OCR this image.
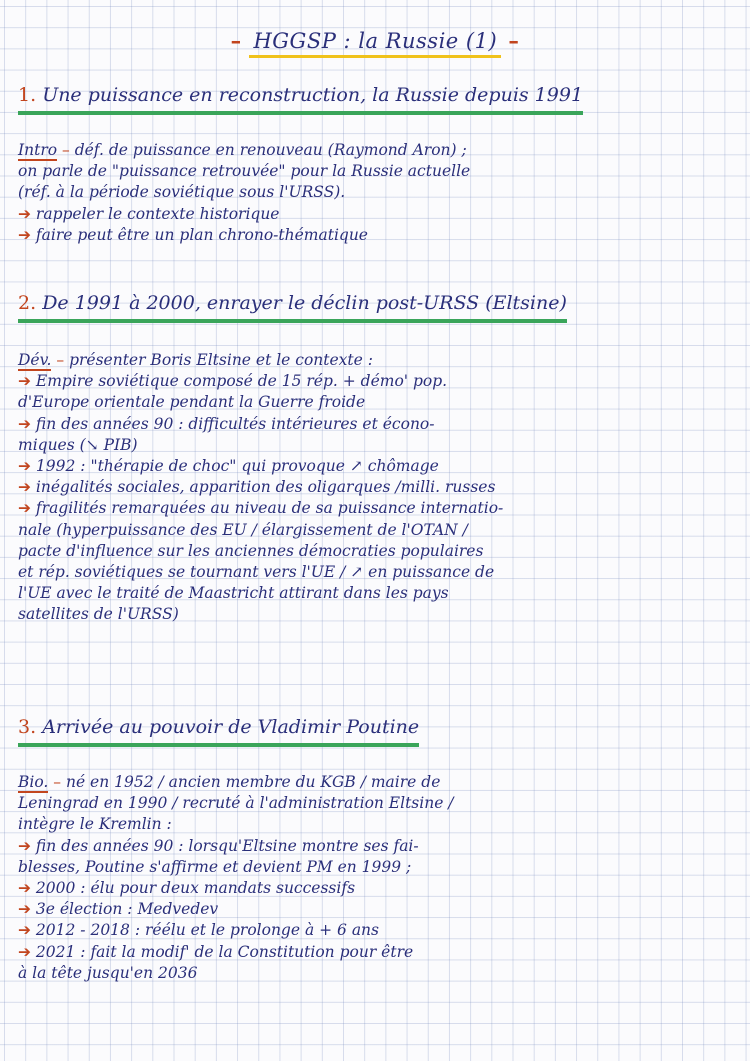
– HGGSP : la Russie (1) –
1. Une puissance en reconstruction, la Russie depuis 1991
Intro – déf. de puissance en renouveau (Raymond Aron) ;
on parle de "puissance retrouvée" pour la Russie actuelle
(réf. à la période soviétique sous l'URSS).
➔ rappeler le contexte historique
➔ faire peut être un plan chrono-thématique
2. De 1991 à 2000, enrayer le déclin post-URSS (Eltsine)
Dév. – présenter Boris Eltsine et le contexte :
➔ Empire soviétique composé de 15 rép. + démo' pop.
d'Europe orientale pendant la Guerre froide
➔ fin des années 90 : difficultés intérieures et écono-
miques (↘ PIB)
➔ 1992 : "thérapie de choc" qui provoque ↗ chômage
➔ inégalités sociales, apparition des oligarques /milli. russes
➔ fragilités remarquées au niveau de sa puissance internatio-
nale (hyperpuissance des EU / élargissement de l'OTAN /
pacte d'influence sur les anciennes démocraties populaires
et rép. soviétiques se tournant vers l'UE / ↗ en puissance de
l'UE avec le traité de Maastricht attirant dans les pays
satellites de l'URSS)
3. Arrivée au pouvoir de Vladimir Poutine
Bio. – né en 1952 / ancien membre du KGB / maire de
Leningrad en 1990 / recruté à l'administration Eltsine /
intègre le Kremlin :
➔ fin des années 90 : lorsqu'Eltsine montre ses fai-
blesses, Poutine s'affirme et devient PM en 1999 ;
➔ 2000 : élu pour deux mandats successifs
➔ 3e élection : Medvedev
➔ 2012 - 2018 : réélu et le prolonge à + 6 ans
➔ 2021 : fait la modif' de la Constitution pour être
à la tête jusqu'en 2036
